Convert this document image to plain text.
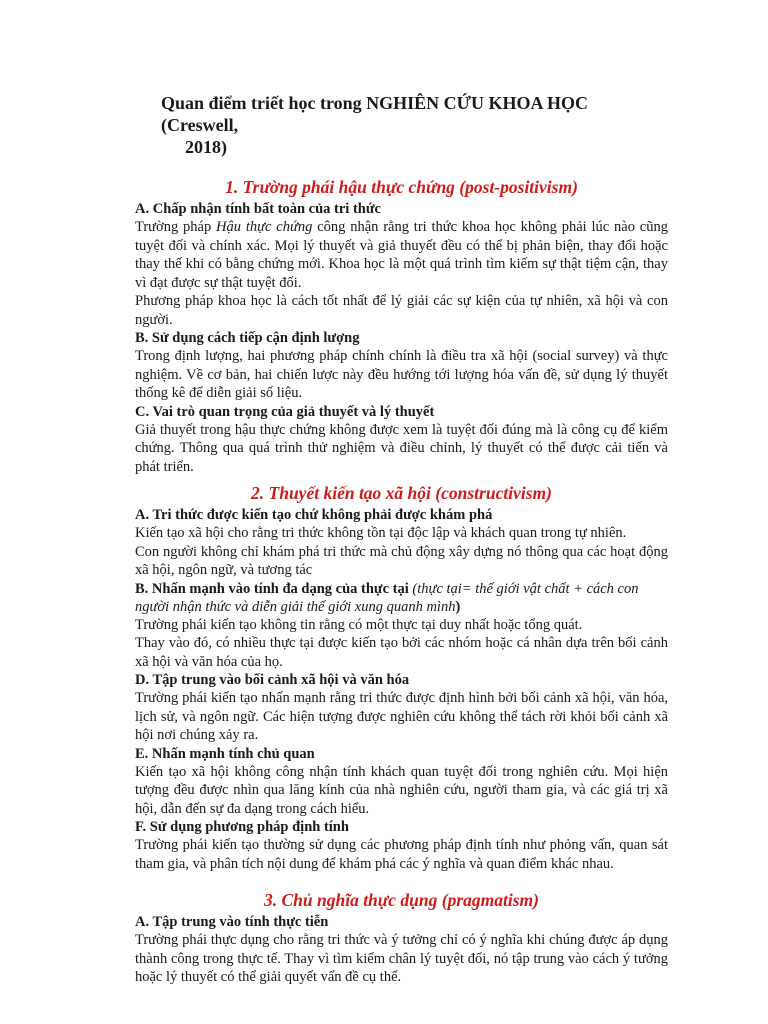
Quan điểm triết học trong NGHIÊN CỨU KHOA HỌC (Creswell,
2018)
1. Trường phái hậu thực chứng (post-positivism)

A. Chấp nhận tính bất toàn của tri thức

Trường pháp Hậu thực chứng công nhận rằng tri thức khoa học không phải lúc nào cũng tuyệt đối và chính xác. Mọi lý thuyết và giả thuyết đều có thể bị phản biện, thay đổi hoặc thay thế khi có bằng chứng mới. Khoa học là một quá trình tìm kiếm sự thật tiệm cận, thay vì đạt được sự thật tuyệt đối.

Phương pháp khoa học là cách tốt nhất để lý giải các sự kiện của tự nhiên, xã hội và con người.

B. Sử dụng cách tiếp cận định lượng

Trong định lượng, hai phương pháp chính chính là điều tra xã hội (social survey) và thực nghiệm. Về cơ bản, hai chiến lược này đều hướng tới lượng hóa vấn đề, sử dụng lý thuyết thống kê để diễn giải số liệu.

C. Vai trò quan trọng của giả thuyết và lý thuyết

Giả thuyết trong hậu thực chứng không được xem là tuyệt đối đúng mà là công cụ để kiểm chứng. Thông qua quá trình thử nghiệm và điều chỉnh, lý thuyết có thể được cải tiến và phát triển.

2. Thuyết kiến tạo xã hội (constructivism)

A. Tri thức được kiến tạo chứ không phải được khám phá

Kiến tạo xã hội cho rằng tri thức không tồn tại độc lập và khách quan trong tự nhiên.

Con người không chỉ khám phá tri thức mà chủ động xây dựng nó thông qua các hoạt động xã hội, ngôn ngữ, và tương tác

B. Nhấn mạnh vào tính đa dạng của thực tại (thực tại= thế giới vật chất + cách con người nhận thức và diễn giải thế giới xung quanh mình)

Trường phái kiến tạo không tin rằng có một thực tại duy nhất hoặc tổng quát.

Thay vào đó, có nhiều thực tại được kiến tạo bởi các nhóm hoặc cá nhân dựa trên bối cảnh xã hội và văn hóa của họ.

D. Tập trung vào bối cảnh xã hội và văn hóa

Trường phái kiến tạo nhấn mạnh rằng tri thức được định hình bởi bối cảnh xã hội, văn hóa, lịch sử, và ngôn ngữ. Các hiện tượng được nghiên cứu không thể tách rời khỏi bối cảnh xã hội nơi chúng xảy ra.

E. Nhấn mạnh tính chủ quan

Kiến tạo xã hội không công nhận tính khách quan tuyệt đối trong nghiên cứu. Mọi hiện tượng đều được nhìn qua lăng kính của nhà nghiên cứu, người tham gia, và các giá trị xã hội, dẫn đến sự đa dạng trong cách hiểu.

F. Sử dụng phương pháp định tính

Trường phái kiến tạo thường sử dụng các phương pháp định tính như phỏng vấn, quan sát tham gia, và phân tích nội dung để khám phá các ý nghĩa và quan điểm khác nhau.

3. Chủ nghĩa thực dụng (pragmatism)

A. Tập trung vào tính thực tiễn

Trường phái thực dụng cho rằng tri thức và ý tưởng chỉ có ý nghĩa khi chúng được áp dụng thành công trong thực tế. Thay vì tìm kiếm chân lý tuyệt đối, nó tập trung vào cách ý tưởng hoặc lý thuyết có thể giải quyết vấn đề cụ thể.
